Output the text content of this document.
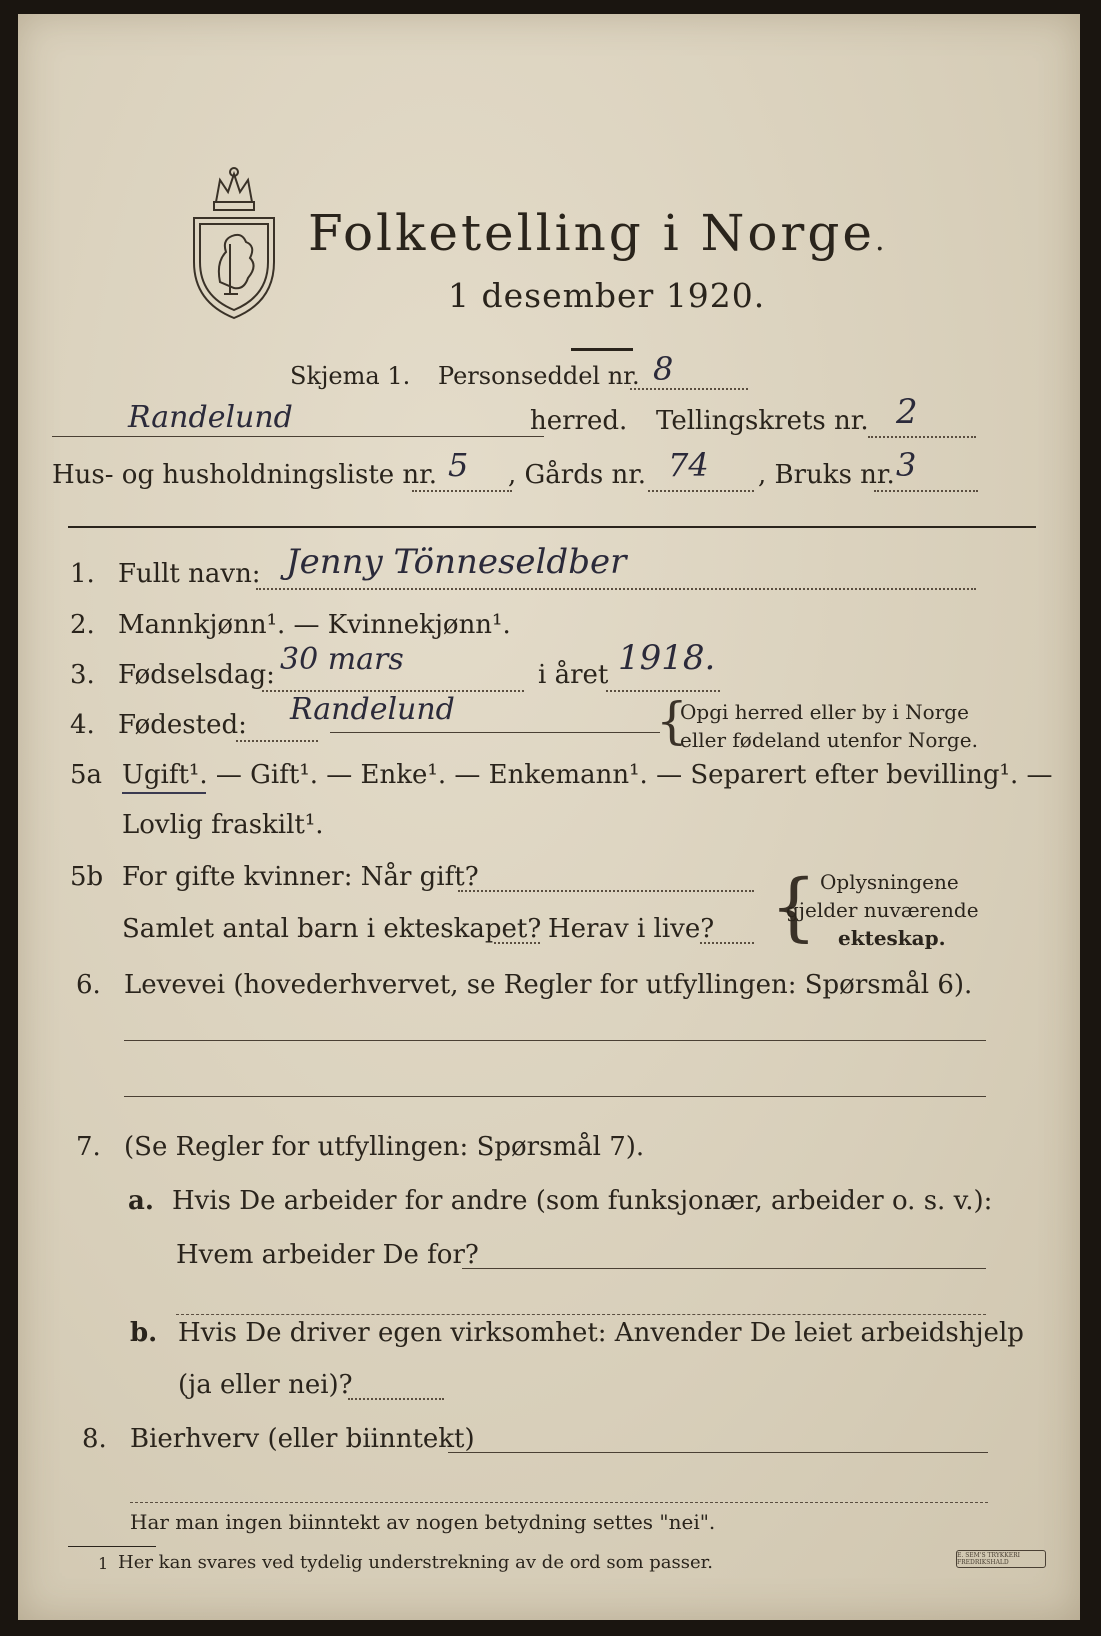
Folketelling i Norge.
1 desember 1920.
Skjema 1. Personseddel nr. 8
Randelund	herred. Tellingskrets nr. 2
Hus- og husholdningsliste nr. 5 , Gårds nr. 74 , Bruks nr. 3
1. Fullt navn: Jenny Tönneseldber
2. Mannkjønn¹. — Kvinnekjønn¹.
3. Fødselsdag: 30 mars	i året 1918.
4. Fødested: Randelund	{
Opgi herred eller by i Norge
eller fødeland utenfor Norge.
5a Ugift¹. — Gift¹. — Enke¹. — Enkemann¹. — Separert efter bevilling¹. —
Lovlig fraskilt¹.
5b For gifte kvinner: Når gift?
Samlet antal barn i ekteskapet? Herav i live? { Oplysningene
gjelder nuværende
ekteskap.
6. Levevei (hovederhvervet, se Regler for utfyllingen: Spørsmål 6).
7. (Se Regler for utfyllingen: Spørsmål 7).
a. Hvis De arbeider for andre (som funksjonær, arbeider o. s. v.):
Hvem arbeider De for?
b. Hvis De driver egen virksomhet: Anvender De leiet arbeidshjelp
(ja eller nei)?
8. Bierhverv (eller biinntekt)
Har man ingen biinntekt av nogen betydning settes "nei".
1 Her kan svares ved tydelig understrekning av de ord som passer.	E. SEM'S TRYKKERI FREDRIKSHALD
